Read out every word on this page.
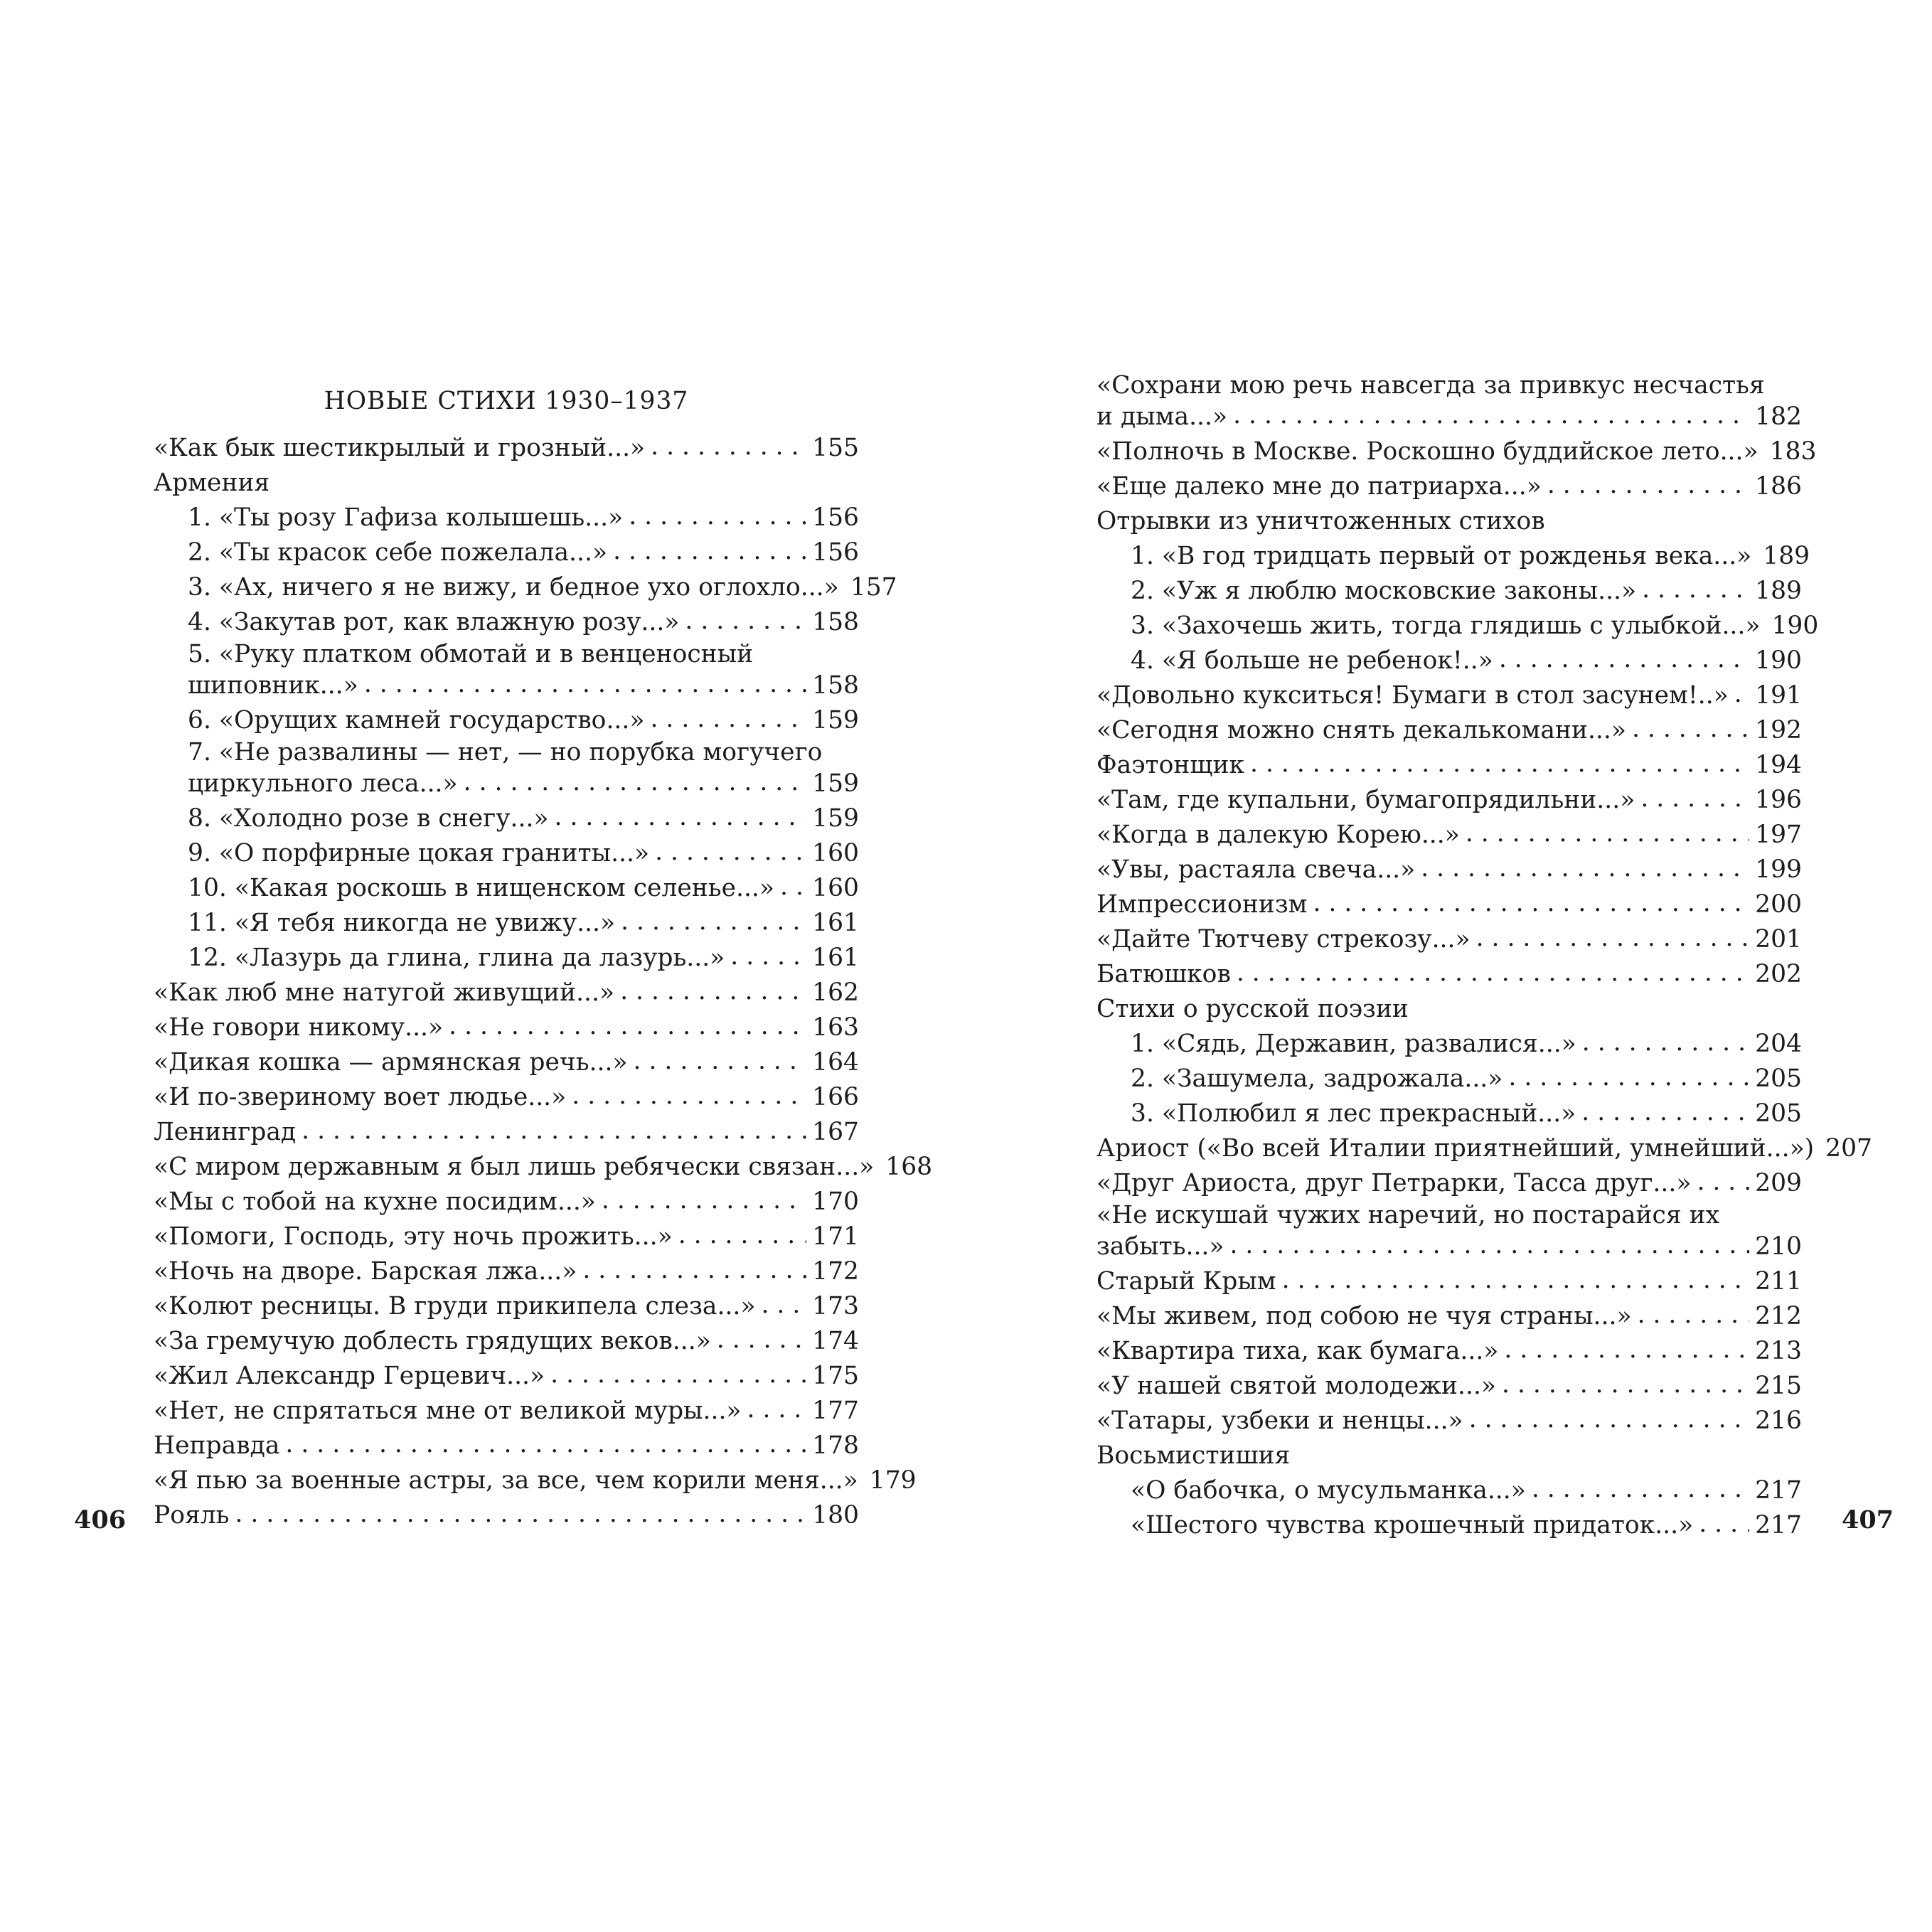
НОВЫЕ СТИХИ 1930–1937
«Как бык шестикрылый и грозный...» . . .	155
Армения
1. «Ты розу Гафиза колышешь...» . . .	156
2. «Ты красок себе пожелала...» . . .	156
3. «Ах, ничего я не вижу, и бедное ухо оглохло...» 157
4. «Закутав рот, как влажную розу...» . . .	158
5. «Руку платком обмотай и в венценосный
шиповник...» . . .	158
6. «Орущих камней государство...» . . .	159
7. «Не развалины — нет, — но порубка могучего
циркульного леса...» . . .	159
8. «Холодно розе в снегу...» . . .	159
9. «О порфирные цокая граниты...» . . .	160
10. «Какая роскошь в нищенском селенье...» . . . 160
11. «Я тебя никогда не увижу...» . . .	161
12. «Лазурь да глина, глина да лазурь...» . . .	161
«Как люб мне натугой живущий...» . . .	162
«Не говори никому...» . . .	163
«Дикая кошка — армянская речь...» . . .	164
«И по-звериному воет людье...» . . .	166
Ленинград . . .	167
«С миром державным я был лишь ребячески связан...» 168
«Мы с тобой на кухне посидим...» . . .	170
«Помоги, Господь, эту ночь прожить...» . . .	171
«Ночь на дворе. Барская лжа...» . . .	172
«Колют ресницы. В груди прикипела слеза...» . . . 173
«За гремучую доблесть грядущих веков...» . . .	174
«Жил Александр Герцевич...» . . .	175
«Нет, не спрятаться мне от великой муры...» . . .	177
Неправда . . .	178
«Я пью за военные астры, за все, чем корили меня...» 179
Рояль . . .	180
«Сохрани мою речь навсегда за привкус несчастья
и дыма...» . . .	182
«Полночь в Москве. Роскошно буддийское лето...» 183
«Еще далеко мне до патриарха...» . . .	186
Отрывки из уничтоженных стихов
1. «В год тридцать первый от рожденья века...» 189
2. «Уж я люблю московские законы...» . . .	189
3. «Захочешь жить, тогда глядишь с улыбкой...» 190
4. «Я больше не ребенок!..» . . .	190
«Довольно кукситься! Бумаги в стол засунем!..» . . . 191
«Сегодня можно снять декалькомани...» . . .	192
Фаэтонщик . . .	194
«Там, где купальни, бумагопрядильни...» . . .	196
«Когда в далекую Корею...» . . .	197
«Увы, растаяла свеча...» . . .	199
Импрессионизм . . .	200
«Дайте Тютчеву стрекозу...» . . .	201
Батюшков . . .	202
Стихи о русской поэзии
1. «Сядь, Державин, развалися...» . . .	204
2. «Зашумела, задрожала...» . . .	205
3. «Полюбил я лес прекрасный...» . . .	205
Ариост («Во всей Италии приятнейший, умнейший...») 207
«Друг Ариоста, друг Петрарки, Тасса друг...» . . .	209
«Не искушай чужих наречий, но постарайся их
забыть...» . . .	210
Старый Крым . . .	211
«Мы живем, под собою не чуя страны...» . . .	212
«Квартира тиха, как бумага...» . . .	213
«У нашей святой молодежи...» . . .	215
«Татары, узбеки и ненцы...» . . .	216
Восьмистишия
«О бабочка, о мусульманка...» . . .	217
«Шестого чувства крошечный придаток...» . . .	217
406	407
